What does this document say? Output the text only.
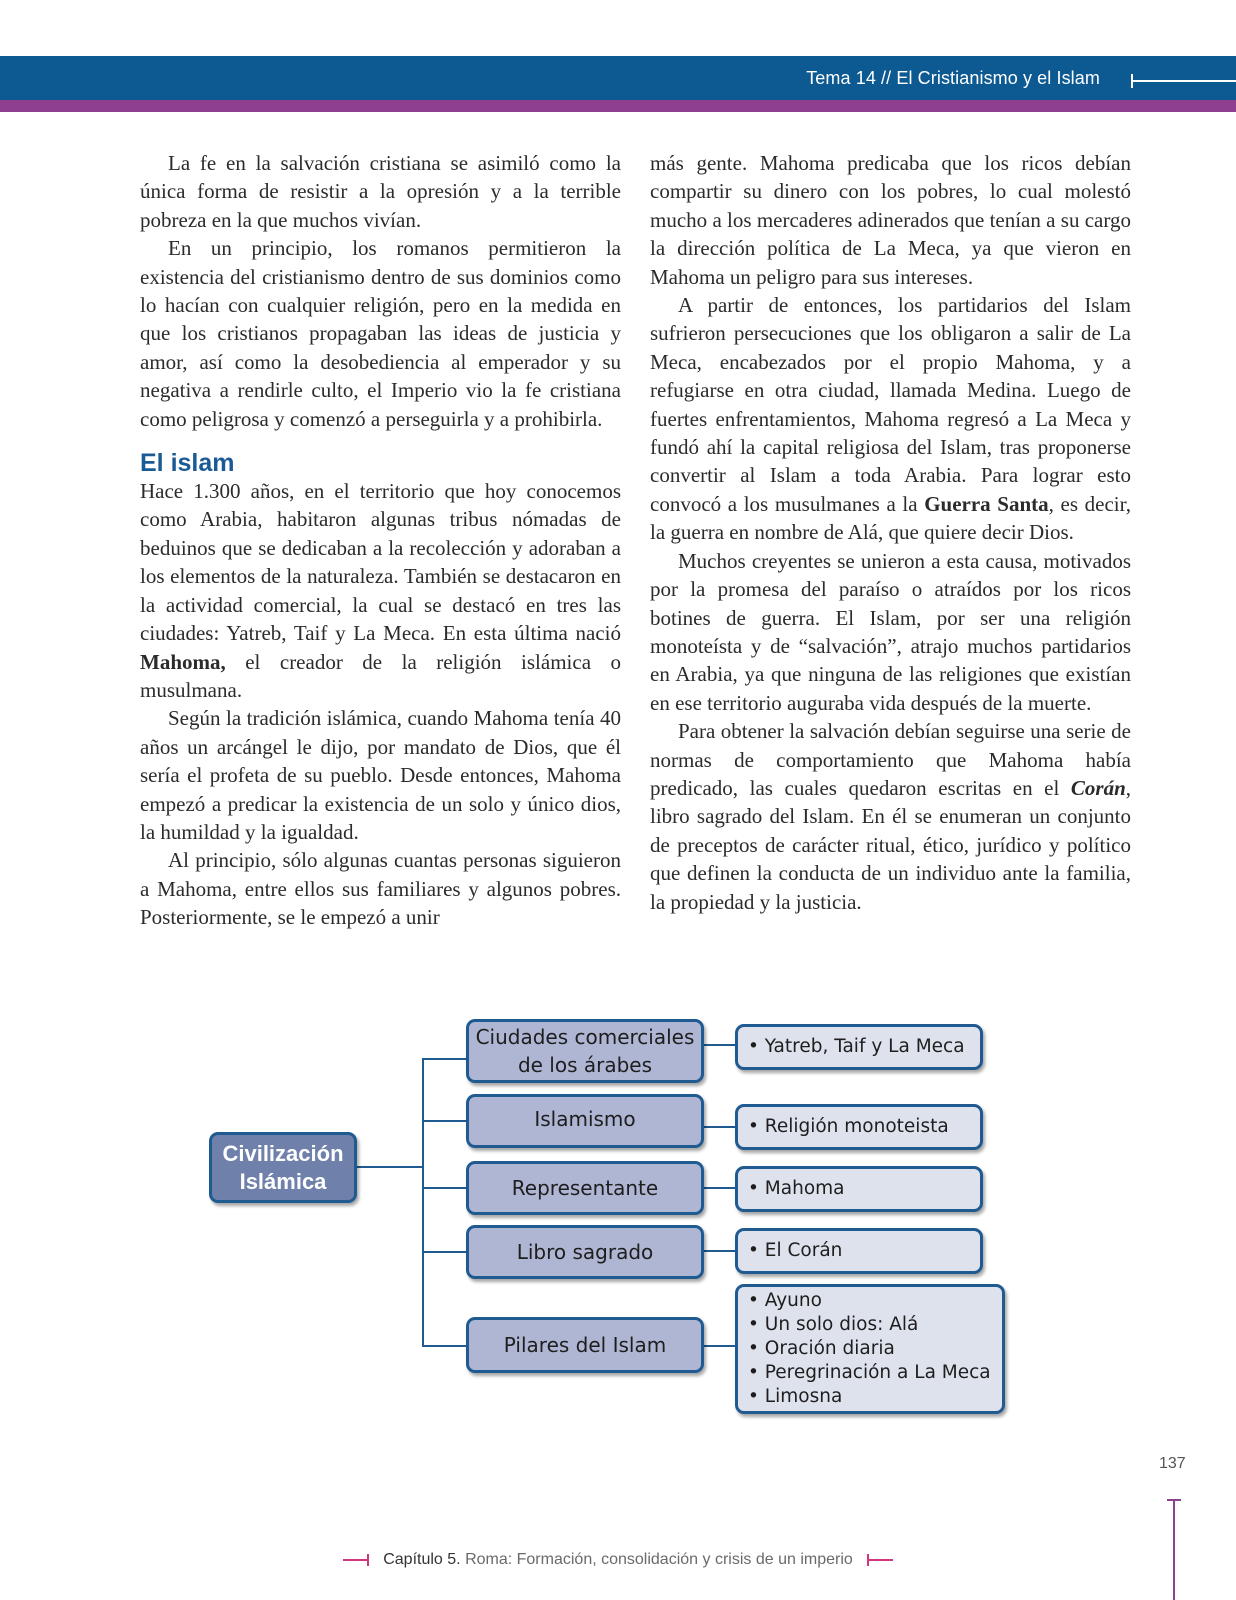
Tema 14 // El Cristianismo y el Islam

La fe en la salvación cristiana se asimiló como la única forma de resistir a la opresión y a la terrible pobreza en la que muchos vivían.

En un principio, los romanos permitieron la existencia del cristianismo dentro de sus dominios como lo hacían con cualquier religión, pero en la medida en que los cristianos propagaban las ideas de justicia y amor, así como la desobediencia al emperador y su negativa a rendirle culto, el Imperio vio la fe cristiana como peligrosa y comenzó a perseguirla y a prohibirla.

El islam

Hace 1.300 años, en el territorio que hoy conocemos como Arabia, habitaron algunas tribus nómadas de beduinos que se dedicaban a la recolección y adoraban a los elementos de la naturaleza. También se destacaron en la actividad comercial, la cual se destacó en tres las ciudades: Yatreb, Taif y La Meca. En esta última nació Mahoma, el creador de la religión islámica o musulmana.

Según la tradición islámica, cuando Mahoma tenía 40 años un arcángel le dijo, por mandato de Dios, que él sería el profeta de su pueblo. Desde entonces, Mahoma empezó a predicar la existencia de un solo y único dios, la humildad y la igualdad.

Al principio, sólo algunas cuantas personas siguieron a Mahoma, entre ellos sus familiares y algunos pobres. Posteriormente, se le empezó a unir

más gente. Mahoma predicaba que los ricos debían compartir su dinero con los pobres, lo cual molestó mucho a los mercaderes adinerados que tenían a su cargo la dirección política de La Meca, ya que vieron en Mahoma un peligro para sus intereses.

A partir de entonces, los partidarios del Islam sufrieron persecuciones que los obligaron a salir de La Meca, encabezados por el propio Mahoma, y a refugiarse en otra ciudad, llamada Medina. Luego de fuertes enfrentamientos, Mahoma regresó a La Meca y fundó ahí la capital religiosa del Islam, tras proponerse convertir al Islam a toda Arabia. Para lograr esto convocó a los musulmanes a la Guerra Santa, es decir, la guerra en nombre de Alá, que quiere decir Dios.

Muchos creyentes se unieron a esta causa, motivados por la promesa del paraíso o atraídos por los ricos botines de guerra. El Islam, por ser una religión monoteísta y de “salvación”, atrajo muchos partidarios en Arabia, ya que ninguna de las religiones que existían en ese territorio auguraba vida después de la muerte.

Para obtener la salvación debían seguirse una serie de normas de comportamiento que Mahoma había predicado, las cuales quedaron escritas en el Corán, libro sagrado del Islam. En él se enumeran un conjunto de preceptos de carácter ritual, ético, jurídico y político que definen la conducta de un individuo ante la familia, la propiedad y la justicia.

Civilización Islámica
Ciudades comerciales de los árabes
Islamismo
Representante
Libro sagrado
Pilares del Islam
• Yatreb, Taif y La Meca
• Religión monoteista
• Mahoma
• El Corán
• Ayuno
• Un solo dios: Alá
• Oración diaria
• Peregrinación a La Meca
• Limosna
137
Capítulo 5. Roma: Formación, consolidación y crisis de un imperio
